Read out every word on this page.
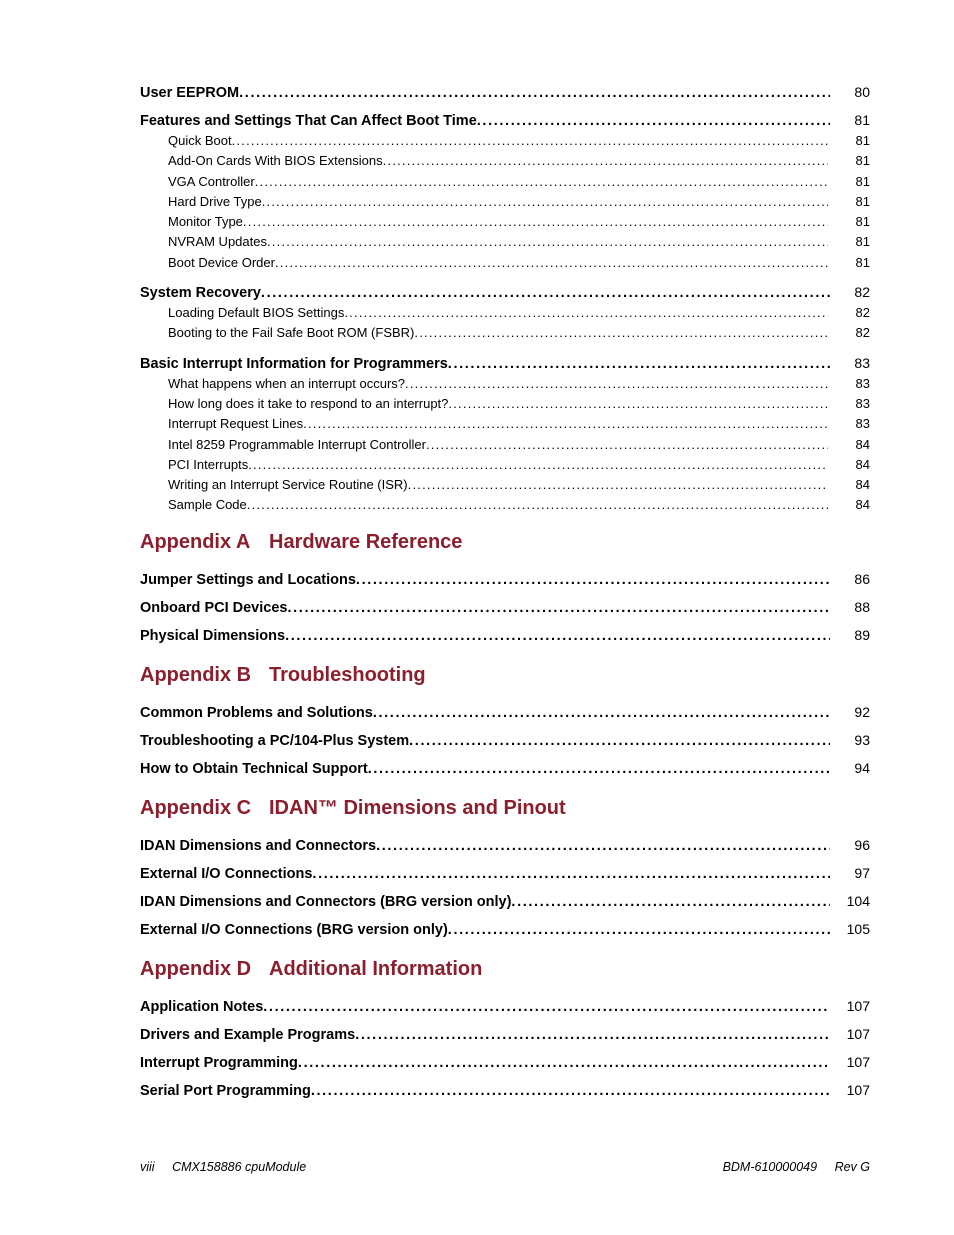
User EEPROM . . .	80
Features and Settings That Can Affect Boot Time . . .	81
Quick Boot . . .	81
Add-On Cards With BIOS Extensions . . .	81
VGA Controller . . .	81
Hard Drive Type . . .	81
Monitor Type . . .	81
NVRAM Updates . . .	81
Boot Device Order . . .	81
System Recovery . . .	82
Loading Default BIOS Settings . . .	82
Booting to the Fail Safe Boot ROM (FSBR) . . .	82
Basic Interrupt Information for Programmers . . .	83
What happens when an interrupt occurs? . . .	83
How long does it take to respond to an interrupt? . . .	83
Interrupt Request Lines . . .	83
Intel 8259 Programmable Interrupt Controller . . .	84
PCI Interrupts . . .	84
Writing an Interrupt Service Routine (ISR) . . .	84
Sample Code . . .	84
Appendix A Hardware Reference
Jumper Settings and Locations . . .	86
Onboard PCI Devices . . .	88
Physical Dimensions . . .	89
Appendix B Troubleshooting
Common Problems and Solutions . . .	92
Troubleshooting a PC/104-Plus System . . .	93
How to Obtain Technical Support . . .	94
Appendix C IDAN™ Dimensions and Pinout
IDAN Dimensions and Connectors . . .	96
External I/O Connections . . .	97
IDAN Dimensions and Connectors (BRG version only) . . .	104
External I/O Connections (BRG version only) . . .	105
Appendix D Additional Information
Application Notes . . .	107
Drivers and Example Programs . . .	107
Interrupt Programming . . .	107
Serial Port Programming . . .	107
viii CMX158886 cpuModule	BDM-610000049 Rev G
